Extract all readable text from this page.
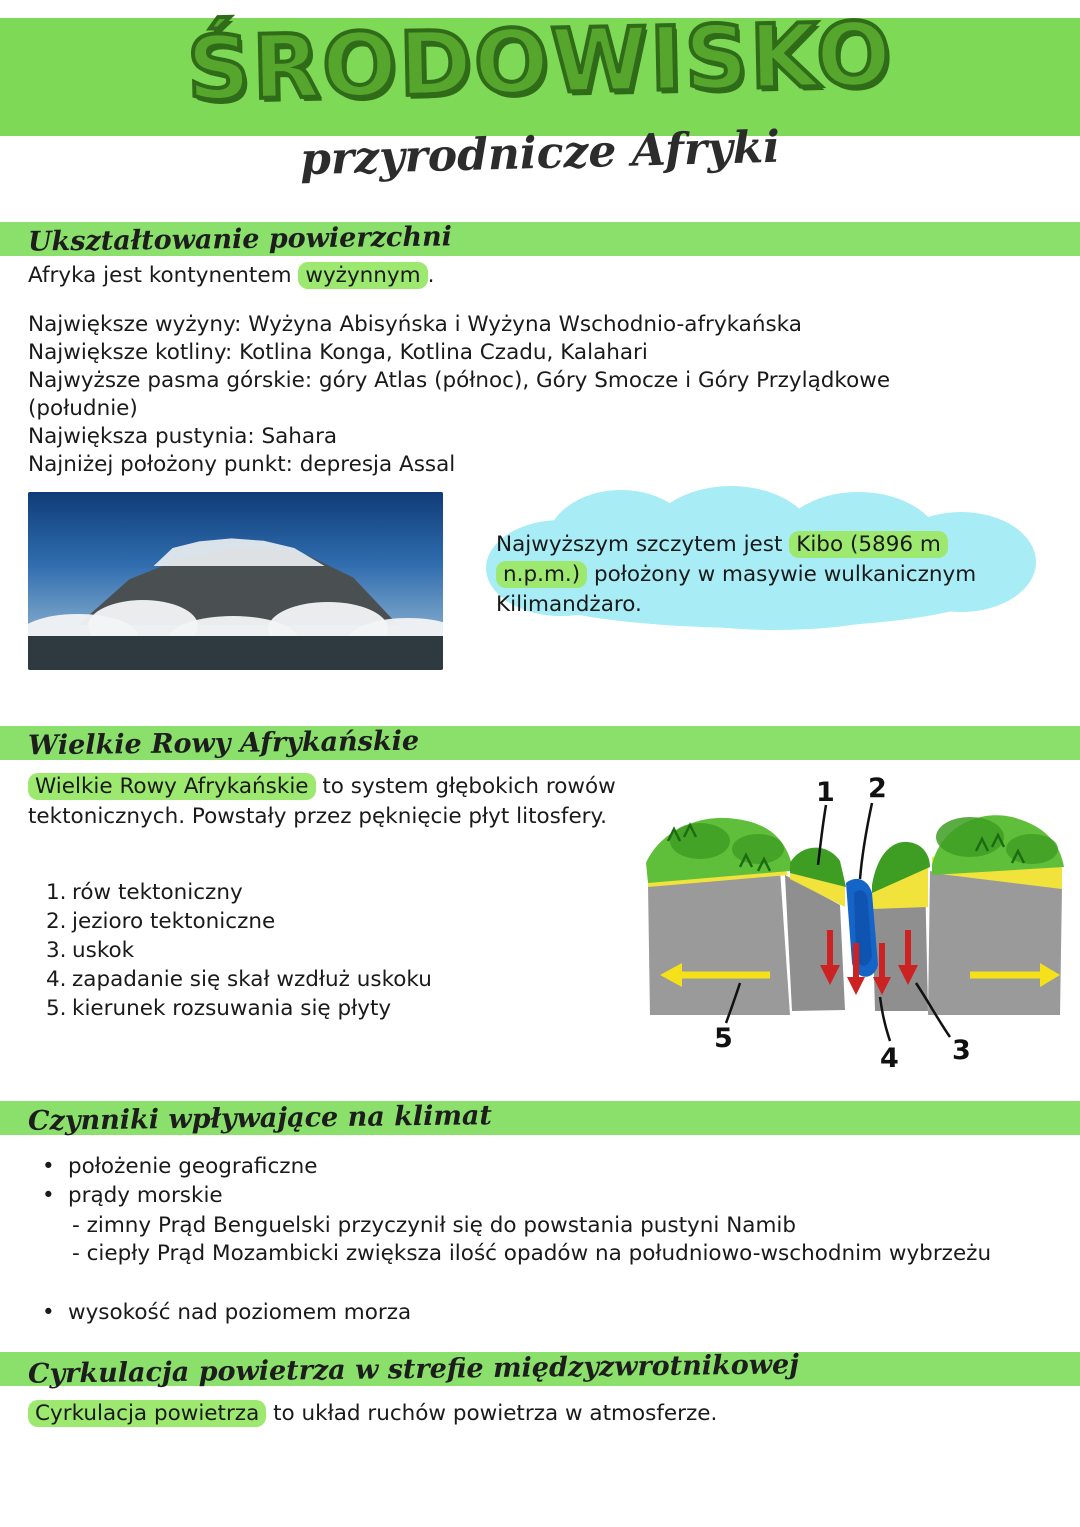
ŚRODOWISKO
przyrodnicze Afryki
Ukształtowanie powierzchni
Afryka jest kontynentem wyżynnym .
Największe wyżyny: Wyżyna Abisyńska i Wyżyna Wschodnio-afrykańska
Największe kotliny: Kotlina Konga, Kotlina Czadu, Kalahari
Najwyższe pasma górskie: góry Atlas (północ), Góry Smocze i Góry Przylądkowe
(południe)
Największa pustynia: Sahara
Najniżej położony punkt: depresja Assal
Najwyższym szczytem jest Kibo (5896 m
n.p.m.) położony w masywie wulkanicznym Kilimandżaro.
Wielkie Rowy Afrykańskie
Wielkie Rowy Afrykańskie to system głębokich rowów tektonicznych. Powstały przez pęknięcie płyt litosfery.
1. rów tektoniczny
2. jezioro tektoniczne
3. uskok
4. zapadanie się skał wzdłuż uskoku
5. kierunek rozsuwania się płyty
1 2
3
4
5
Czynniki wpływające na klimat
• położenie geograficzne
• prądy morskie
- zimny Prąd Benguelski przyczynił się do powstania pustyni Namib
- ciepły Prąd Mozambicki zwiększa ilość opadów na południowo-wschodnim wybrzeżu
• wysokość nad poziomem morza
Cyrkulacja powietrza w strefie międzyzwrotnikowej
Cyrkulacja powietrza to układ ruchów powietrza w atmosferze.
